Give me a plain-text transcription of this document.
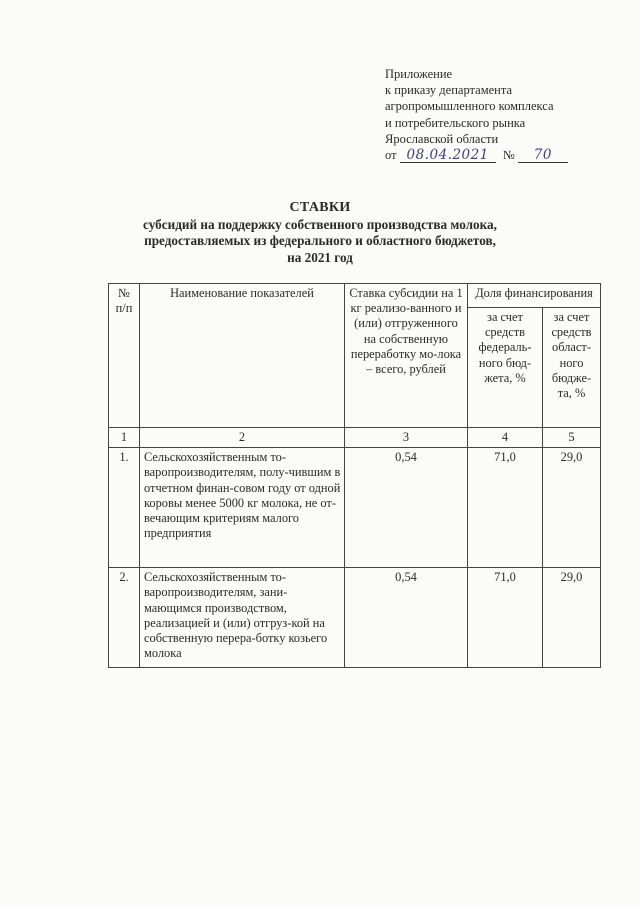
Приложение
к приказу департамента
агропромышленного комплекса
и потребительского рынка
Ярославской области
от 08.04.2021 № 70
СТАВКИ
субсидий на поддержку собственного производства молока,
предоставляемых из федерального и областного бюджетов,
на 2021 год
№ п/п	Наименование показателей	Ставка субсидии на 1 кг реализо-ванного и (или) отгруженного на собственную переработку мо-лока – всего, рублей	Доля финансирования	
			за счет средств федераль-ного бюд-жета, %	за счет средств област-ного бюдже-та, %
1	2	3	4	5
1.	Сельскохозяйственным то-варопроизводителям, полу-чившим в отчетном финан-совом году от одной коровы менее 5000 кг молока, не от-вечающим критериям малого предприятия	0,54	71,0	29,0
2.	Сельскохозяйственным то-варопроизводителям, зани-мающимся производством, реализацией и (или) отгруз-кой на собственную перера-ботку козьего молока	0,54	71,0	29,0
